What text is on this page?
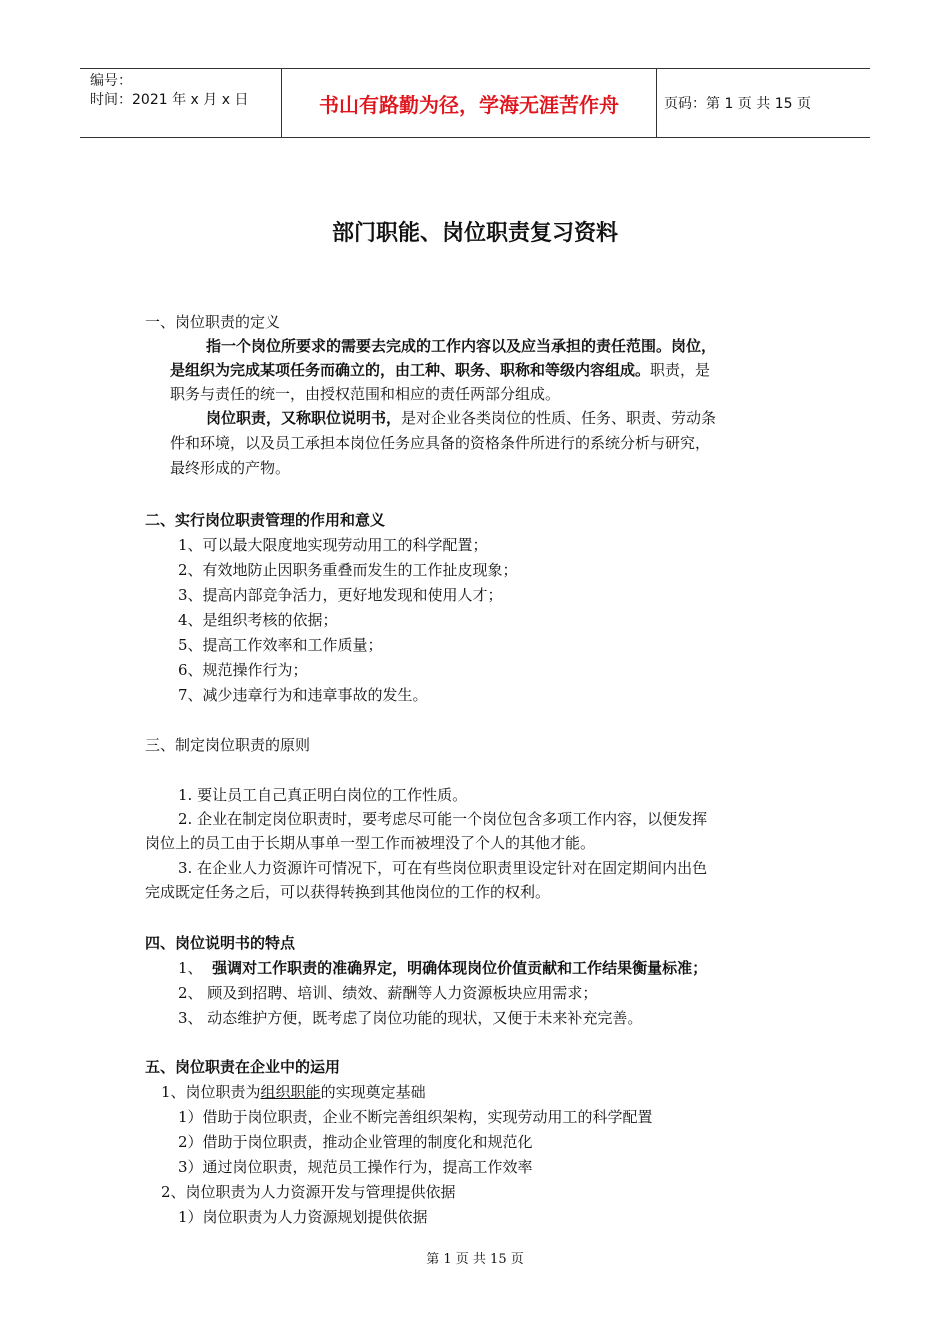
编号：
时间：2021 年 x 月 x 日	书山有路勤为径，学海无涯苦作舟	页码：第 1 页 共 15 页
部门职能、岗位职责复习资料
一、岗位职责的定义
指一个岗位所要求的需要去完成的工作内容以及应当承担的责任范围。岗位，
是组织为完成某项任务而确立的，由工种、职务、职称和等级内容组成。职责，是
职务与责任的统一，由授权范围和相应的责任两部分组成。
岗位职责，又称职位说明书，是对企业各类岗位的性质、任务、职责、劳动条
件和环境，以及员工承担本岗位任务应具备的资格条件所进行的系统分析与研究，
最终形成的产物。
二、实行岗位职责管理的作用和意义
1、可以最大限度地实现劳动用工的科学配置；
2、有效地防止因职务重叠而发生的工作扯皮现象；
3、提高内部竞争活力，更好地发现和使用人才；
4、是组织考核的依据；
5、提高工作效率和工作质量；
6、规范操作行为；
7、减少违章行为和违章事故的发生。
三、制定岗位职责的原则
1. 要让员工自己真正明白岗位的工作性质。
2. 企业在制定岗位职责时，要考虑尽可能一个岗位包含多项工作内容，以便发挥
岗位上的员工由于长期从事单一型工作而被埋没了个人的其他才能。
3. 在企业人力资源许可情况下，可在有些岗位职责里设定针对在固定期间内出色
完成既定任务之后，可以获得转换到其他岗位的工作的权利。
四、岗位说明书的特点
1、 强调对工作职责的准确界定，明确体现岗位价值贡献和工作结果衡量标准；
2、 顾及到招聘、培训、绩效、薪酬等人力资源板块应用需求；
3、 动态维护方便，既考虑了岗位功能的现状，又便于未来补充完善。
五、岗位职责在企业中的运用
1、岗位职责为组织职能的实现奠定基础
1）借助于岗位职责，企业不断完善组织架构，实现劳动用工的科学配置
2）借助于岗位职责，推动企业管理的制度化和规范化
3）通过岗位职责，规范员工操作行为，提高工作效率
2、岗位职责为人力资源开发与管理提供依据
1）岗位职责为人力资源规划提供依据
第 1 页 共 15 页
